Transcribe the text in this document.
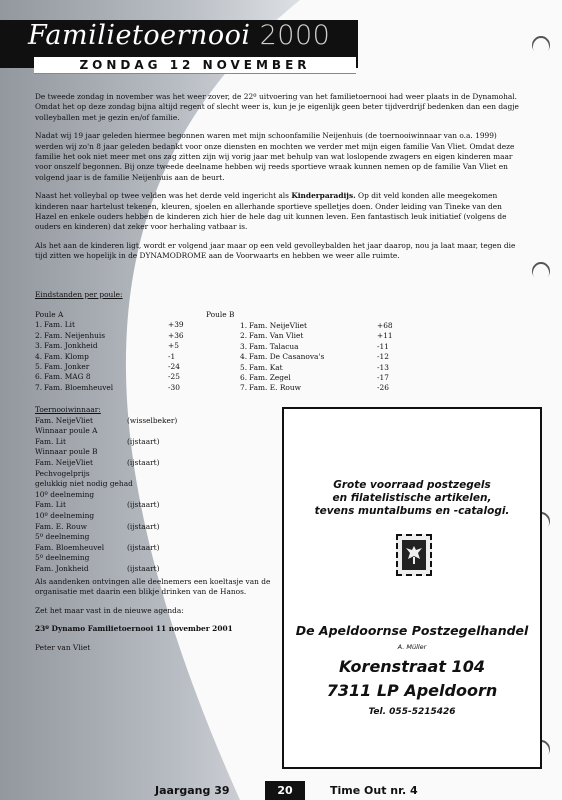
Familietoernooi 2000
ZONDAG 12 NOVEMBER

De tweede zondag in november was het weer zover, de 22º uitvoering van het familietoernooi had weer plaats in de Dynamohal. Omdat het op deze zondag bijna altijd regent of slecht weer is, kun je je eigenlijk geen beter tijdverdrijf bedenken dan een dagje volleyballen met je gezin en/of familie.

Nadat wij 19 jaar geleden hiermee begonnen waren met mijn schoonfamilie Neijenhuis (de toernooiwinnaar van o.a. 1999) werden wij zo'n 8 jaar geleden bedankt voor onze diensten en mochten we verder met mijn eigen familie Van Vliet. Omdat deze familie het ook niet meer met ons zag zitten zijn wij vorig jaar met behulp van wat loslopende zwagers en eigen kinderen maar voor onszelf begonnen. Bij onze tweede deelname hebben wij reeds sportieve wraak kunnen nemen op de familie Van Vliet en volgend jaar is de familie Neijenhuis aan de beurt.

Naast het volleybal op twee velden was het derde veld ingericht als Kinderparadijs. Op dit veld konden alle meegekomen kinderen naar hartelust tekenen, kleuren, sjoelen en allerhande sportieve spelletjes doen. Onder leiding van Tineke van den Hazel en enkele ouders hebben de kinderen zich hier de hele dag uit kunnen leven. Een fantastisch leuk initiatief (volgens de ouders en kinderen) dat zeker voor herhaling vatbaar is.

Als het aan de kinderen ligt, wordt er volgend jaar maar op een veld gevolleybalden het jaar daarop, nou ja laat maar, tegen die tijd zitten we hopelijk in de DYNAMODROME aan de Voorwaarts en hebben we weer alle ruimte.

Eindstanden per poule:
Poule A
1.	Fam. Lit	+39
2.	Fam. Neijenhuis	+36
3.	Fam. Jonkheid	+5
4.	Fam. Klomp	-1
5.	Fam. Jonker	-24
6.	Fam. MAG 8	-25
7.	Fam. Bloemheuvel	-30
Poule B
1.	Fam. NeijeVliet	+68
2.	Fam. Van Vliet	+11
3.	Fam. Talacua	-11
4.	Fam. De Casanova's	-12
5.	Fam. Kat	-13
6.	Fam. Zegel	-17
7.	Fam. E. Rouw	-26
Toernooiwinnaar:
Fam. NeijeVliet	(wisselbeker)
Winnaar poule A
Fam. Lit	(ijstaart)
Winnaar poule B
Fam. NeijeVliet	(ijstaart)
Pechvogelprijs
gelukkig niet nodig gehad
10º deelneming
Fam. Lit	(ijstaart)
10º deelneming
Fam. E. Rouw	(ijstaart)
5º deelneming
Fam. Bloemheuvel	(ijstaart)
5º deelneming
Fam. Jonkheid	(ijstaart)

Als aandenken ontvingen alle deelnemers een koeltasje van de organisatie met daarin een blikje drinken van de Hanos.

Zet het maar vast in de nieuwe agenda:

23º Dynamo Familietoernooi 11 november 2001

Peter van Vliet

Grote voorraad postzegels
en filatelistische artikelen,
tevens muntalbums en -catalogi.
De Apeldoornse Postzegelhandel
A. Müller
Korenstraat 104
7311 LP Apeldoorn
Tel. 055-5215426
Jaargang 39	20	Time Out nr. 4
